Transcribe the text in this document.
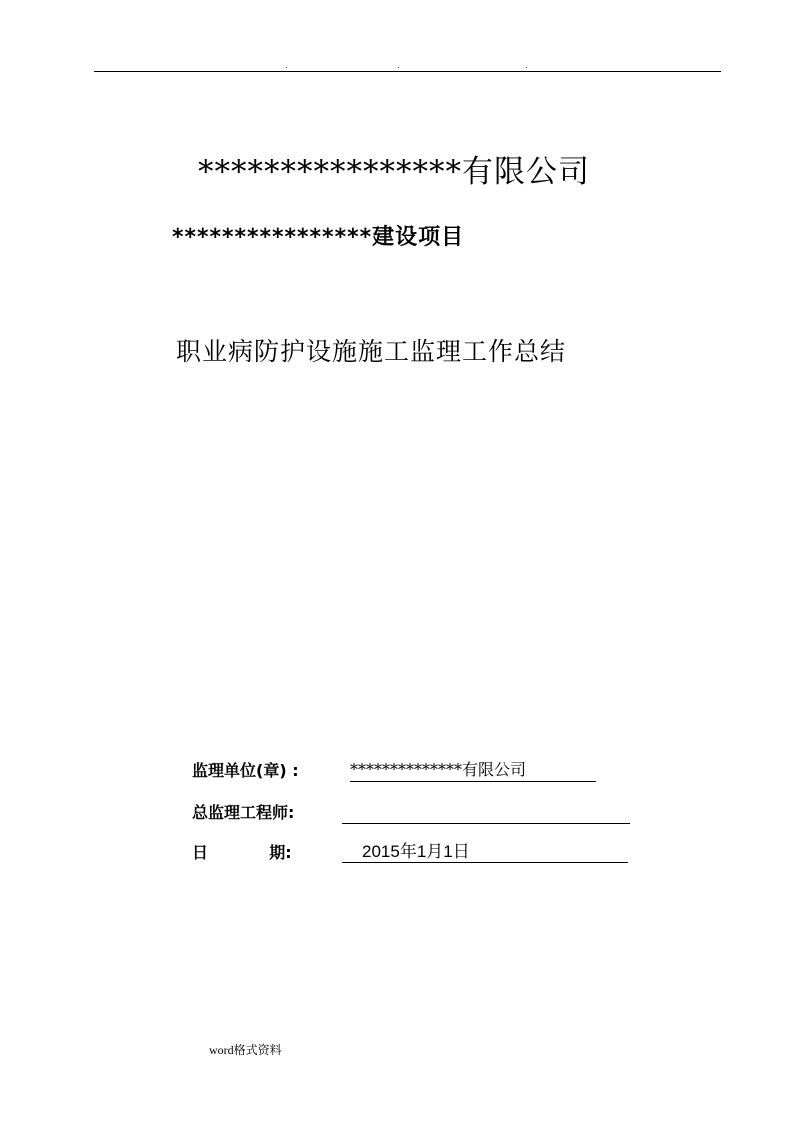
.	.	.
****************有限公司
****************建设项目
职业病防护设施施工监理工作总结
监理单位(章) :	**************有限公司
总监理工程师:
日           期:	2015年1月1日
word格式资料
